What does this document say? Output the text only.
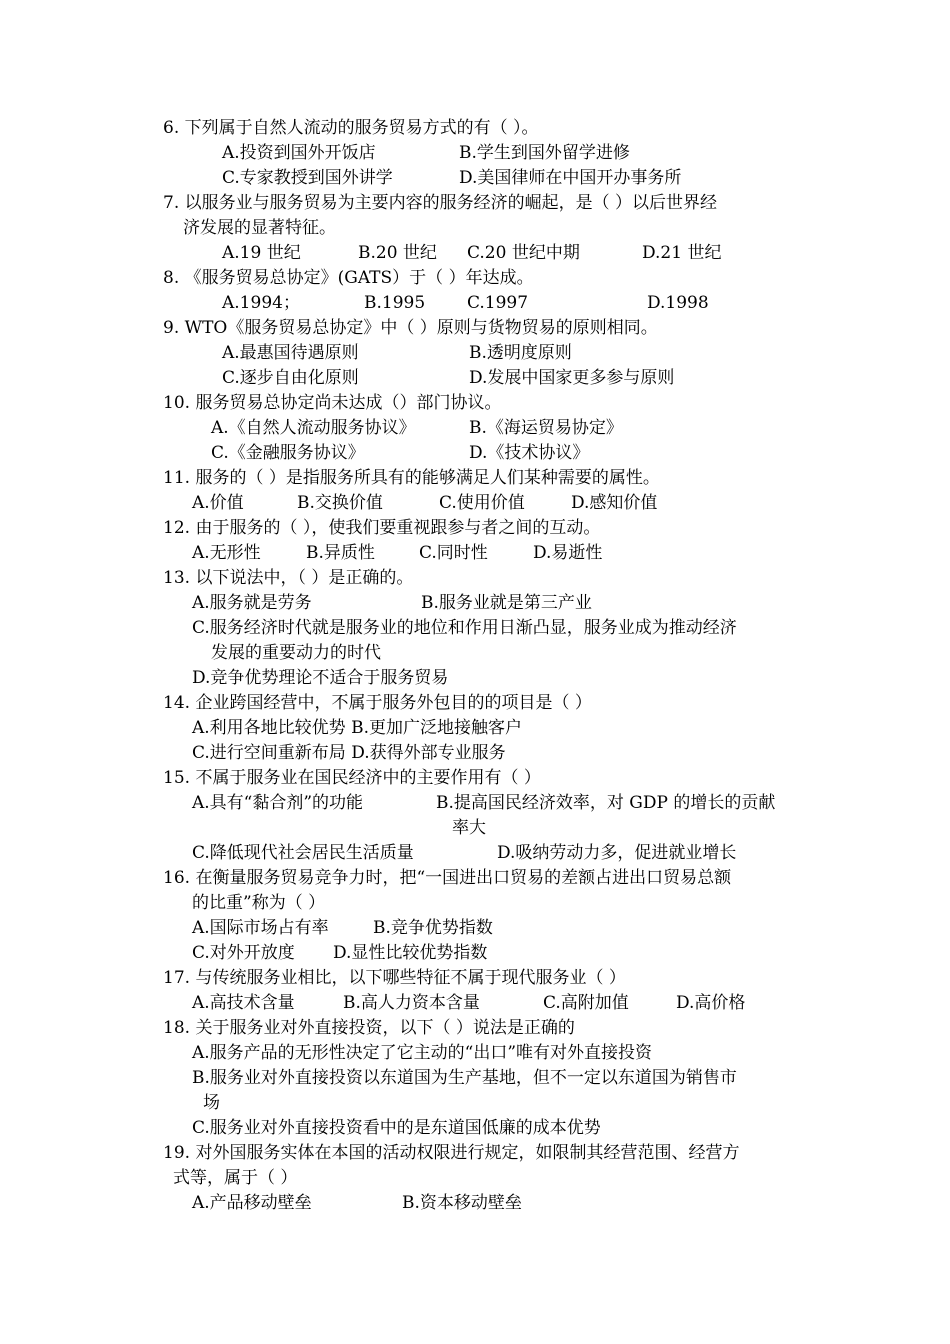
6. 下列属于自然人流动的服务贸易方式的有（ ）。
A.投资到国外开饭店	B.学生到国外留学进修
C.专家教授到国外讲学	D.美国律师在中国开办事务所
7. 以服务业与服务贸易为主要内容的服务经济的崛起，是（ ）以后世界经
济发展的显著特征。
A.19 世纪	B.20 世纪 C.20 世纪中期	D.21 世纪
8. 《服务贸易总协定》(GATS）于（ ）年达成。
A.1994；	B.1995 C.1997	D.1998
9. WTO《服务贸易总协定》中（ ）原则与货物贸易的原则相同。
A.最惠国待遇原则	B.透明度原则
C.逐步自由化原则	D.发展中国家更多参与原则
10. 服务贸易总协定尚未达成（）部门协议。
A.《自然人流动服务协议》	B.《海运贸易协定》
C.《金融服务协议》	D.《技术协议》
11. 服务的（ ）是指服务所具有的能够满足人们某种需要的属性。
A.价值	B.交换价值	C.使用价值	D.感知价值
12. 由于服务的（ ），使我们要重视跟参与者之间的互动。
A.无形性	B.异质性	C.同时性	D.易逝性
13. 以下说法中，（ ）是正确的。
A.服务就是劳务	B.服务业就是第三产业
C.服务经济时代就是服务业的地位和作用日渐凸显，服务业成为推动经济
发展的重要动力的时代
D.竞争优势理论不适合于服务贸易
14. 企业跨国经营中，不属于服务外包目的的项目是（ ）
A.利用各地比较优势 B.更加广泛地接触客户
C.进行空间重新布局 D.获得外部专业服务
15. 不属于服务业在国民经济中的主要作用有（ ）
A.具有“黏合剂”的功能	B.提高国民经济效率，对 GDP 的增长的贡献
率大
C.降低现代社会居民生活质量	D.吸纳劳动力多，促进就业增长
16. 在衡量服务贸易竞争力时，把“一国进出口贸易的差额占进出口贸易总额
的比重”称为（ ）
A.国际市场占有率	B.竞争优势指数
C.对外开放度 D.显性比较优势指数
17. 与传统服务业相比，以下哪些特征不属于现代服务业（ ）
A.高技术含量	B.高人力资本含量	C.高附加值	D.高价格
18. 关于服务业对外直接投资，以下（ ）说法是正确的
A.服务产品的无形性决定了它主动的“出口”唯有对外直接投资
B.服务业对外直接投资以东道国为生产基地，但不一定以东道国为销售市
场
C.服务业对外直接投资看中的是东道国低廉的成本优势
19. 对外国服务实体在本国的活动权限进行规定，如限制其经营范围、经营方
式等，属于（ ）
A.产品移动壁垒	B.资本移动壁垒
